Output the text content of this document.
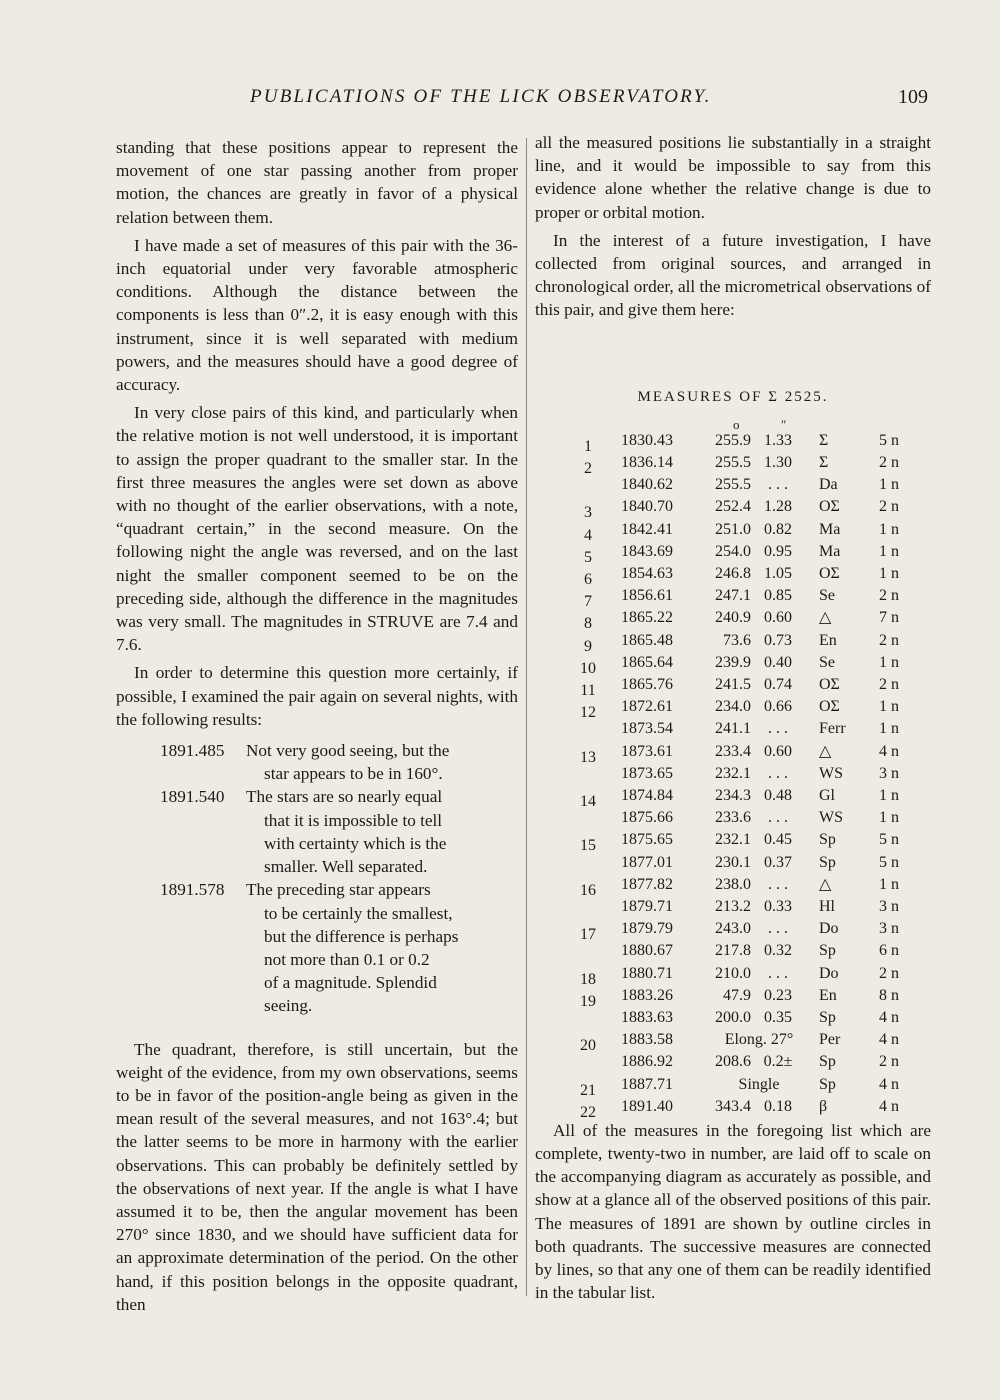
PUBLICATIONS OF THE LICK OBSERVATORY.	109

standing that these positions appear to represent the movement of one star passing another from proper motion, the chances are greatly in favor of a physical relation between them.

I have made a set of measures of this pair with the 36-inch equatorial under very favorable atmospheric conditions. Although the distance between the components is less than 0″.2, it is easy enough with this instrument, since it is well separated with medium powers, and the measures should have a good degree of accuracy.

In very close pairs of this kind, and particularly when the relative motion is not well understood, it is important to assign the proper quadrant to the smaller star. In the first three measures the angles were set down as above with no thought of the earlier observations, with a note, “quadrant certain,” in the second measure. On the following night the angle was reversed, and on the last night the smaller component seemed to be on the preceding side, although the difference in the magnitudes was very small. The magnitudes in STRUVE are 7.4 and 7.6.

In order to determine this question more certainly, if possible, I examined the pair again on several nights, with the following results:

1891.485	Not very good seeing, but the

star appears to be in 160°.
1891.540	The stars are so nearly equal

that it is impossible to tell
with certainty which is the
smaller. Well separated.
1891.578	The preceding star appears

to be certainly the smallest,
but the difference is perhaps
not more than 0.1 or 0.2
of a magnitude. Splendid
seeing.

The quadrant, therefore, is still uncertain, but the weight of the evidence, from my own observations, seems to be in favor of the position-angle being as given in the mean result of the several measures, and not 163°.4; but the latter seems to be more in harmony with the earlier observations. This can probably be definitely settled by the observations of next year. If the angle is what I have assumed it to be, then the angular movement has been 270° since 1830, and we should have sufficient data for an approximate determination of the period. On the other hand, if this position belongs in the opposite quadrant, then

all the measured positions lie substantially in a straight line, and it would be impossible to say from this evidence alone whether the relative change is due to proper or orbital motion.

In the interest of a future investigation, I have collected from original sources, and arranged in chronological order, all the micrometrical observations of this pair, and give them here:

MEASURES OF Σ 2525.
o	″
1	1830.43	255.9 1.33	Σ	5 n
2	1836.14	255.5 1.30	Σ	2 n
1840.62	255.5	. . .	Da	1 n
3	1840.70	252.4 1.28	OΣ	2 n
4	1842.41	251.0 0.82	Ma	1 n
5	1843.69	254.0 0.95	Ma	1 n
6	1854.63	246.8 1.05	OΣ	1 n
7	1856.61	247.1 0.85	Se	2 n
8	1865.22	240.9 0.60	△	7 n
9	1865.48	73.6 0.73	En	2 n
10 1865.64	239.9 0.40	Se	1 n
11 1865.76	241.5 0.74	OΣ	2 n
12 1872.61	234.0 0.66	OΣ	1 n
1873.54	241.1	. . .	Ferr	1 n
13 1873.61	233.4 0.60	△	4 n
1873.65	232.1	. . .	WS	3 n
14 1874.84	234.3 0.48	Gl	1 n
1875.66	233.6	. . .	WS	1 n
15 1875.65	232.1 0.45	Sp	5 n
1877.01	230.1 0.37	Sp	5 n
16 1877.82	238.0	. . .	△	1 n
1879.71	213.2 0.33	Hl	3 n
17 1879.79	243.0	. . .	Do	3 n
1880.67	217.8 0.32	Sp	6 n
18 1880.71	210.0	. . .	Do	2 n
19 1883.26	47.9 0.23	En	8 n
1883.63	200.0 0.35	Sp	4 n
20 1883.58	Elong. 27°	Per	4 n
1886.92	208.6 0.2±	Sp	2 n
21 1887.71	Single	Sp	4 n
22 1891.40	343.4 0.18	β	4 n

All of the measures in the foregoing list which are complete, twenty-two in number, are laid off to scale on the accompanying diagram as accurately as possible, and show at a glance all of the observed positions of this pair. The measures of 1891 are shown by outline circles in both quadrants. The successive measures are connected by lines, so that any one of them can be readily identified in the tabular list.
